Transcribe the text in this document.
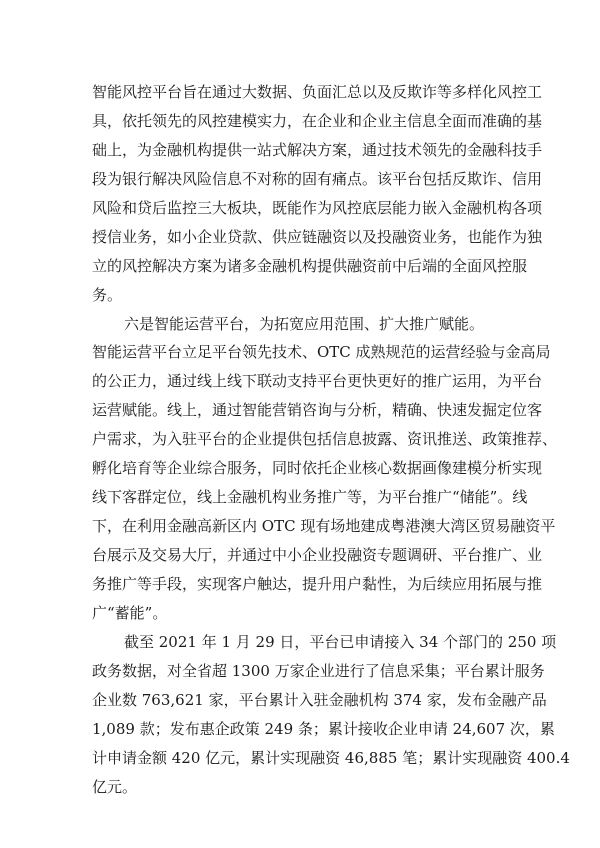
智能风控平台旨在通过大数据、负面汇总以及反欺诈等多样化风控工
具，依托领先的风控建模实力，在企业和企业主信息全面而准确的基
础上，为金融机构提供一站式解决方案，通过技术领先的金融科技手
段为银行解决风险信息不对称的固有痛点。该平台包括反欺诈、信用
风险和贷后监控三大板块，既能作为风控底层能力嵌入金融机构各项
授信业务，如小企业贷款、供应链融资以及投融资业务，也能作为独
立的风控解决方案为诸多金融机构提供融资前中后端的全面风控服
务。
六是智能运营平台，为拓宽应用范围、扩大推广赋能。
智能运营平台立足平台领先技术、OTC 成熟规范的运营经验与金高局
的公正力，通过线上线下联动支持平台更快更好的推广运用，为平台
运营赋能。线上，通过智能营销咨询与分析，精确、快速发掘定位客
户需求，为入驻平台的企业提供包括信息披露、资讯推送、政策推荐、
孵化培育等企业综合服务，同时依托企业核心数据画像建模分析实现
线下客群定位，线上金融机构业务推广等，为平台推广“储能”。线
下，在利用金融高新区内 OTC 现有场地建成粤港澳大湾区贸易融资平
台展示及交易大厅，并通过中小企业投融资专题调研、平台推广、业
务推广等手段，实现客户触达，提升用户黏性，为后续应用拓展与推
广“蓄能”。
截至 2021 年 1 月 29 日，平台已申请接入 34 个部门的 250 项
政务数据，对全省超 1300 万家企业进行了信息采集；平台累计服务
企业数 763,621 家，平台累计入驻金融机构 374 家，发布金融产品
1,089 款；发布惠企政策 249 条；累计接收企业申请 24,607 次，累
计申请金额 420 亿元，累计实现融资 46,885 笔；累计实现融资 400.4
亿元。
